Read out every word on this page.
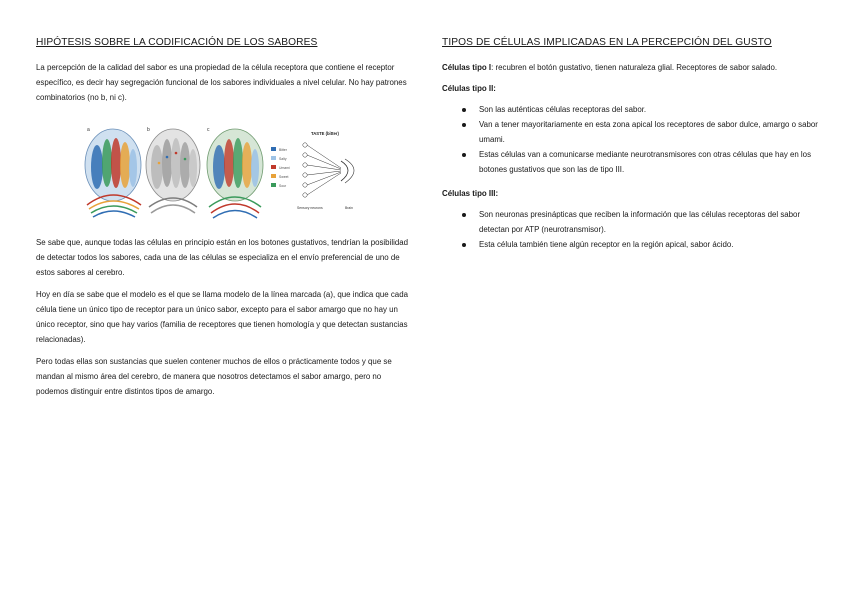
HIPÓTESIS SOBRE LA CODIFICACIÓN DE LOS SABORES

La percepción de la calidad del sabor es una propiedad de la célula receptora que contiene el receptor específico, es decir hay segregación funcional de los sabores individuales a nivel celular. No hay patrones combinatorios (no b, ni c).

a	b	c
Bitter
Salty
Umami
Sweet
Sour
TASTE (bitter)
Sensory neurons	Brain

Se sabe que, aunque todas las células en principio están en los botones gustativos, tendrían la posibilidad de detectar todos los sabores, cada una de las células se especializa en el envío preferencial de uno de estos sabores al cerebro.

Hoy en día se sabe que el modelo es el que se llama modelo de la línea marcada (a), que indica que cada célula tiene un único tipo de receptor para un único sabor, excepto para el sabor amargo que no hay un único receptor, sino que hay varios (familia de receptores que tienen homología y que detectan sustancias relacionadas).

Pero todas ellas son sustancias que suelen contener muchos de ellos o prácticamente todos y que se mandan al mismo área del cerebro, de manera que nosotros detectamos el sabor amargo, pero no podemos distinguir entre distintos tipos de amargo.

TIPOS DE CÉLULAS IMPLICADAS EN LA PERCEPCIÓN DEL GUSTO

Células tipo I: recubren el botón gustativo, tienen naturaleza glial. Receptores de sabor salado.

Células tipo II:

Son las auténticas células receptoras del sabor.
Van a tener mayoritariamente en esta zona apical los receptores de sabor dulce, amargo o sabor umami.
Estas células van a comunicarse mediante neurotransmisores con otras células que hay en los botones gustativos que son las de tipo III.

Células tipo III:

Son neuronas presinápticas que reciben la información que las células receptoras del sabor detectan por ATP (neurotransmisor).
Esta célula también tiene algún receptor en la región apical, sabor ácido.
